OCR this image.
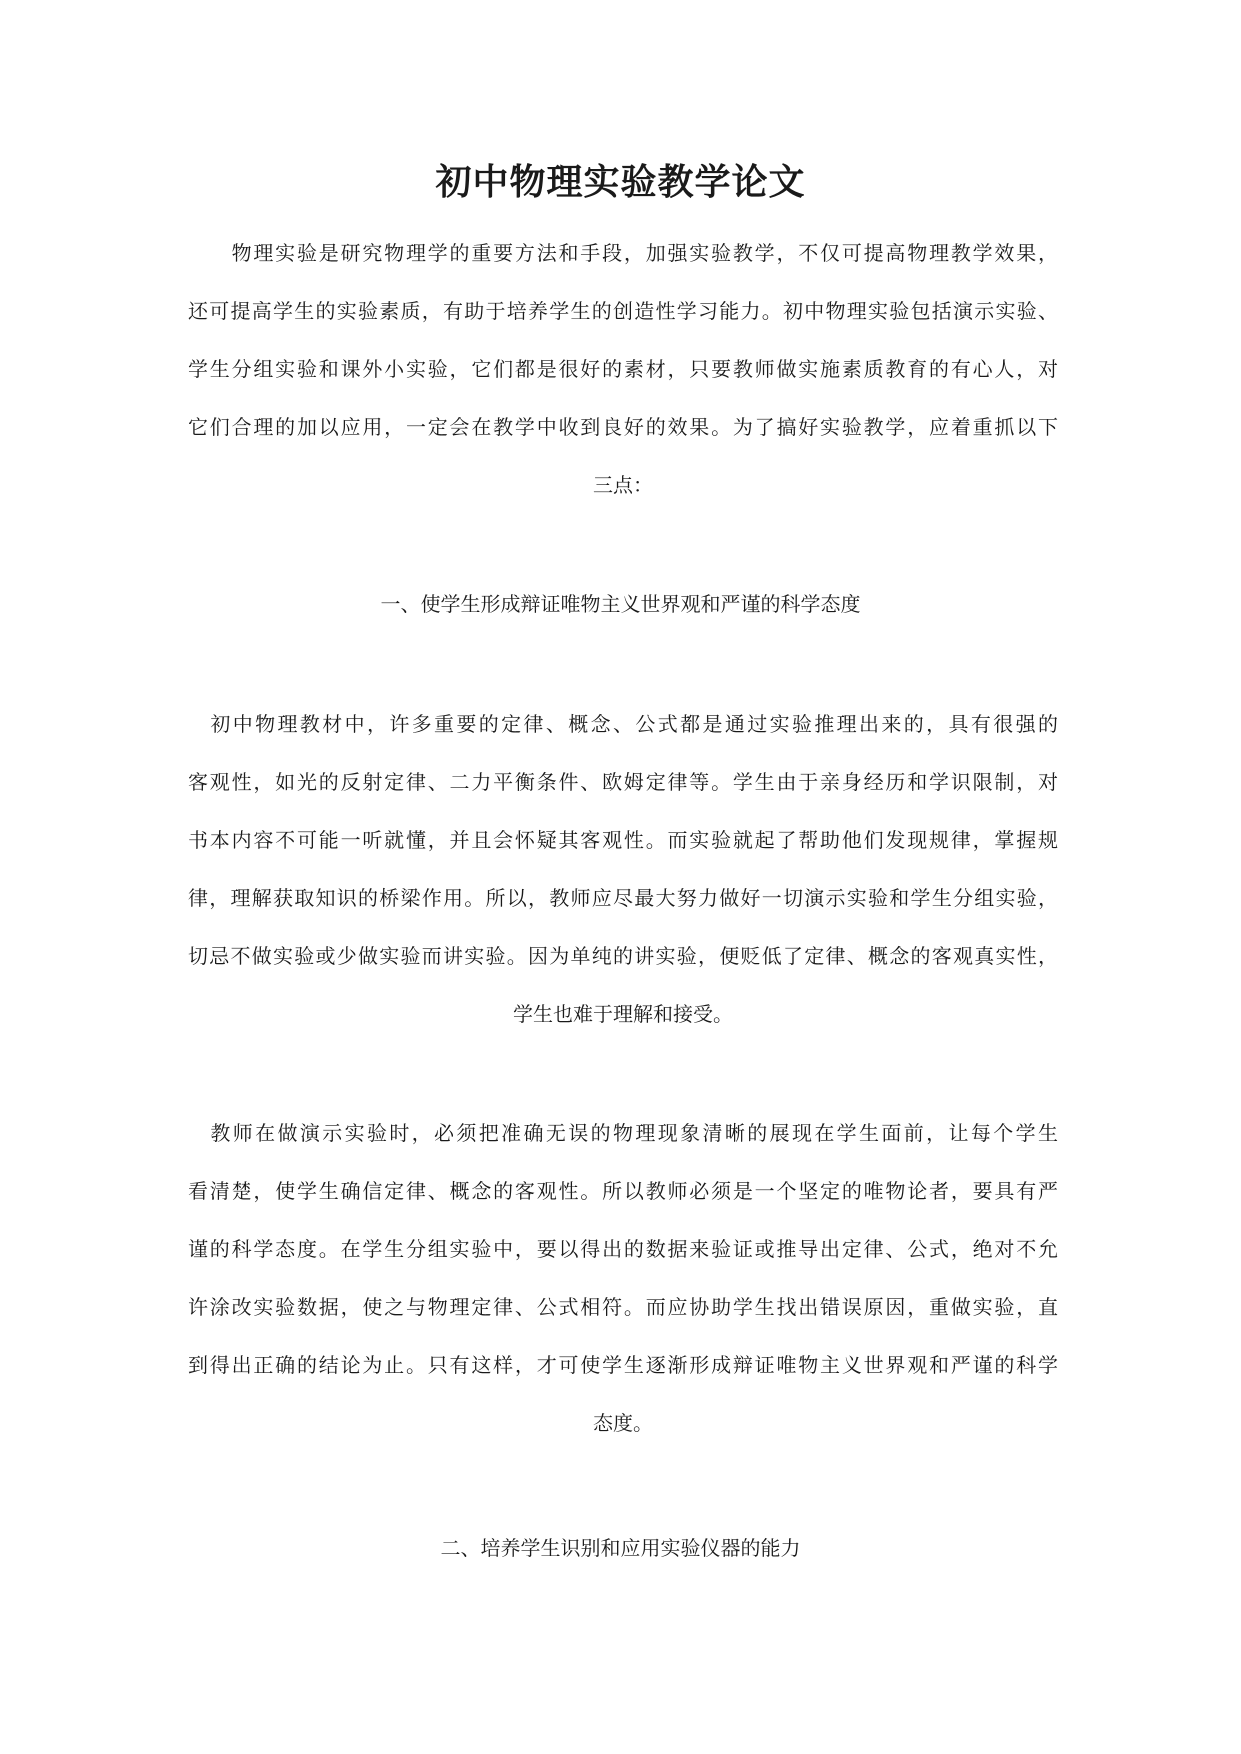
初中物理实验教学论文
　　物理实验是研究物理学的重要方法和手段，加强实验教学，不仅可提高物理教学效果，
还可提高学生的实验素质，有助于培养学生的创造性学习能力。初中物理实验包括演示实验、
学生分组实验和课外小实验，它们都是很好的素材，只要教师做实施素质教育的有心人，对
它们合理的加以应用，一定会在教学中收到良好的效果。为了搞好实验教学，应着重抓以下
三点：
一、使学生形成辩证唯物主义世界观和严谨的科学态度
　初中物理教材中，许多重要的定律、概念、公式都是通过实验推理出来的，具有很强的
客观性，如光的反射定律、二力平衡条件、欧姆定律等。学生由于亲身经历和学识限制，对
书本内容不可能一听就懂，并且会怀疑其客观性。而实验就起了帮助他们发现规律，掌握规
律，理解获取知识的桥梁作用。所以，教师应尽最大努力做好一切演示实验和学生分组实验，
切忌不做实验或少做实验而讲实验。因为单纯的讲实验，便贬低了定律、概念的客观真实性，
学生也难于理解和接受。
　教师在做演示实验时，必须把准确无误的物理现象清晰的展现在学生面前，让每个学生
看清楚，使学生确信定律、概念的客观性。所以教师必须是一个坚定的唯物论者，要具有严
谨的科学态度。在学生分组实验中，要以得出的数据来验证或推导出定律、公式，绝对不允
许涂改实验数据，使之与物理定律、公式相符。而应协助学生找出错误原因，重做实验，直
到得出正确的结论为止。只有这样，才可使学生逐渐形成辩证唯物主义世界观和严谨的科学
态度。
二、培养学生识别和应用实验仪器的能力
